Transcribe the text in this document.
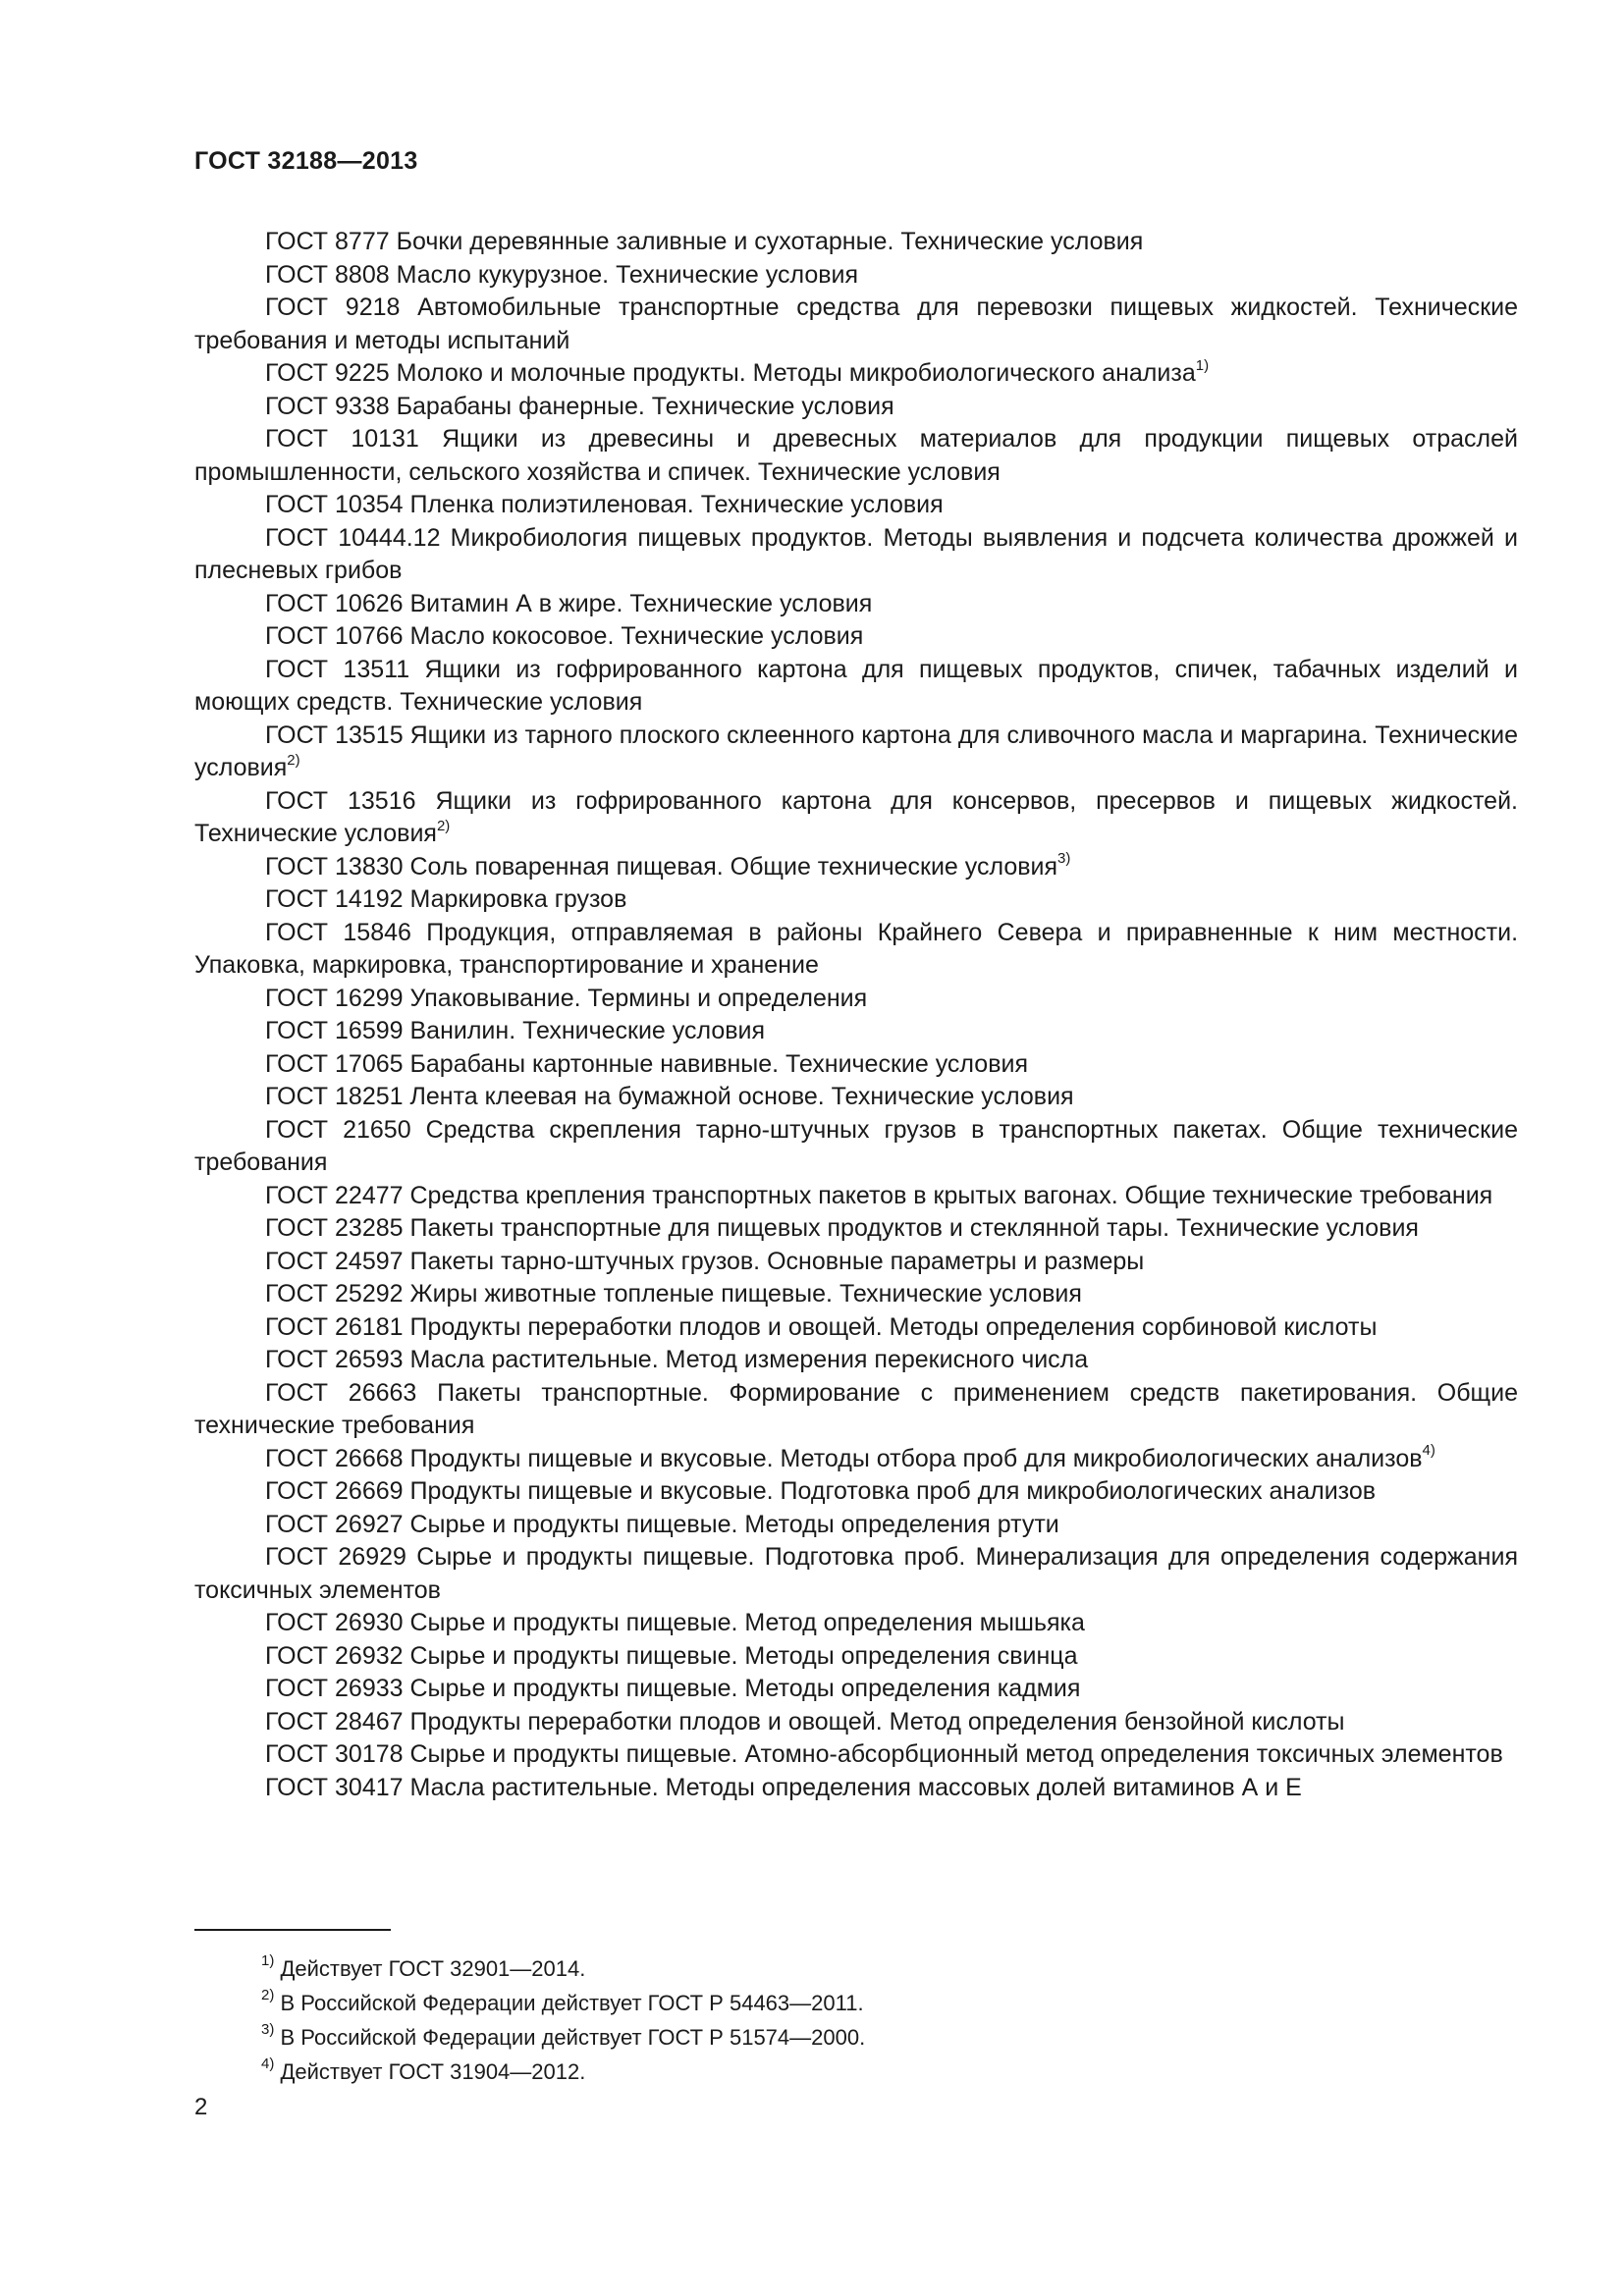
ГОСТ 32188—2013

ГОСТ 8777 Бочки деревянные заливные и сухотарные. Технические условия

ГОСТ 8808 Масло кукурузное. Технические условия

ГОСТ 9218 Автомобильные транспортные средства для перевозки пищевых жидкостей. Технические требования и методы испытаний

ГОСТ 9225 Молоко и молочные продукты. Методы микробиологического анализа$^{1)}$

ГОСТ 9338 Барабаны фанерные. Технические условия

ГОСТ 10131 Ящики из древесины и древесных материалов для продукции пищевых отраслей промышленности, сельского хозяйства и спичек. Технические условия

ГОСТ 10354 Пленка полиэтиленовая. Технические условия

ГОСТ 10444.12 Микробиология пищевых продуктов. Методы выявления и подсчета количества дрожжей и плесневых грибов

ГОСТ 10626 Витамин А в жире. Технические условия

ГОСТ 10766 Масло кокосовое. Технические условия

ГОСТ 13511 Ящики из гофрированного картона для пищевых продуктов, спичек, табачных изделий и моющих средств. Технические условия

ГОСТ 13515 Ящики из тарного плоского склеенного картона для сливочного масла и маргарина. Технические условия$^{2)}$

ГОСТ 13516 Ящики из гофрированного картона для консервов, пресервов и пищевых жидкостей. Технические условия$^{2)}$

ГОСТ 13830 Соль поваренная пищевая. Общие технические условия$^{3)}$

ГОСТ 14192 Маркировка грузов

ГОСТ 15846 Продукция, отправляемая в районы Крайнего Севера и приравненные к ним местности. Упаковка, маркировка, транспортирование и хранение

ГОСТ 16299 Упаковывание. Термины и определения

ГОСТ 16599 Ванилин. Технические условия

ГОСТ 17065 Барабаны картонные навивные. Технические условия

ГОСТ 18251 Лента клеевая на бумажной основе. Технические условия

ГОСТ 21650 Средства скрепления тарно-штучных грузов в транспортных пакетах. Общие технические требования

ГОСТ 22477 Средства крепления транспортных пакетов в крытых вагонах. Общие технические требования

ГОСТ 23285 Пакеты транспортные для пищевых продуктов и стеклянной тары. Технические условия

ГОСТ 24597 Пакеты тарно-штучных грузов. Основные параметры и размеры

ГОСТ 25292 Жиры животные топленые пищевые. Технические условия

ГОСТ 26181 Продукты переработки плодов и овощей. Методы определения сорбиновой кислоты

ГОСТ 26593 Масла растительные. Метод измерения перекисного числа

ГОСТ 26663 Пакеты транспортные. Формирование с применением средств пакетирования. Общие технические требования

ГОСТ 26668 Продукты пищевые и вкусовые. Методы отбора проб для микробиологических анализов$^{4)}$

ГОСТ 26669 Продукты пищевые и вкусовые. Подготовка проб для микробиологических анализов

ГОСТ 26927 Сырье и продукты пищевые. Методы определения ртути

ГОСТ 26929 Сырье и продукты пищевые. Подготовка проб. Минерализация для определения содержания токсичных элементов

ГОСТ 26930 Сырье и продукты пищевые. Метод определения мышьяка

ГОСТ 26932 Сырье и продукты пищевые. Методы определения свинца

ГОСТ 26933 Сырье и продукты пищевые. Методы определения кадмия

ГОСТ 28467 Продукты переработки плодов и овощей. Метод определения бензойной кислоты

ГОСТ 30178 Сырье и продукты пищевые. Атомно-абсорбционный метод определения токсичных элементов

ГОСТ 30417 Масла растительные. Методы определения массовых долей витаминов А и Е

$^{1)}$ Действует ГОСТ 32901—2014.

$^{2)}$ В Российской Федерации действует ГОСТ Р 54463—2011.

$^{3)}$ В Российской Федерации действует ГОСТ Р 51574—2000.

$^{4)}$ Действует ГОСТ 31904—2012.

2
